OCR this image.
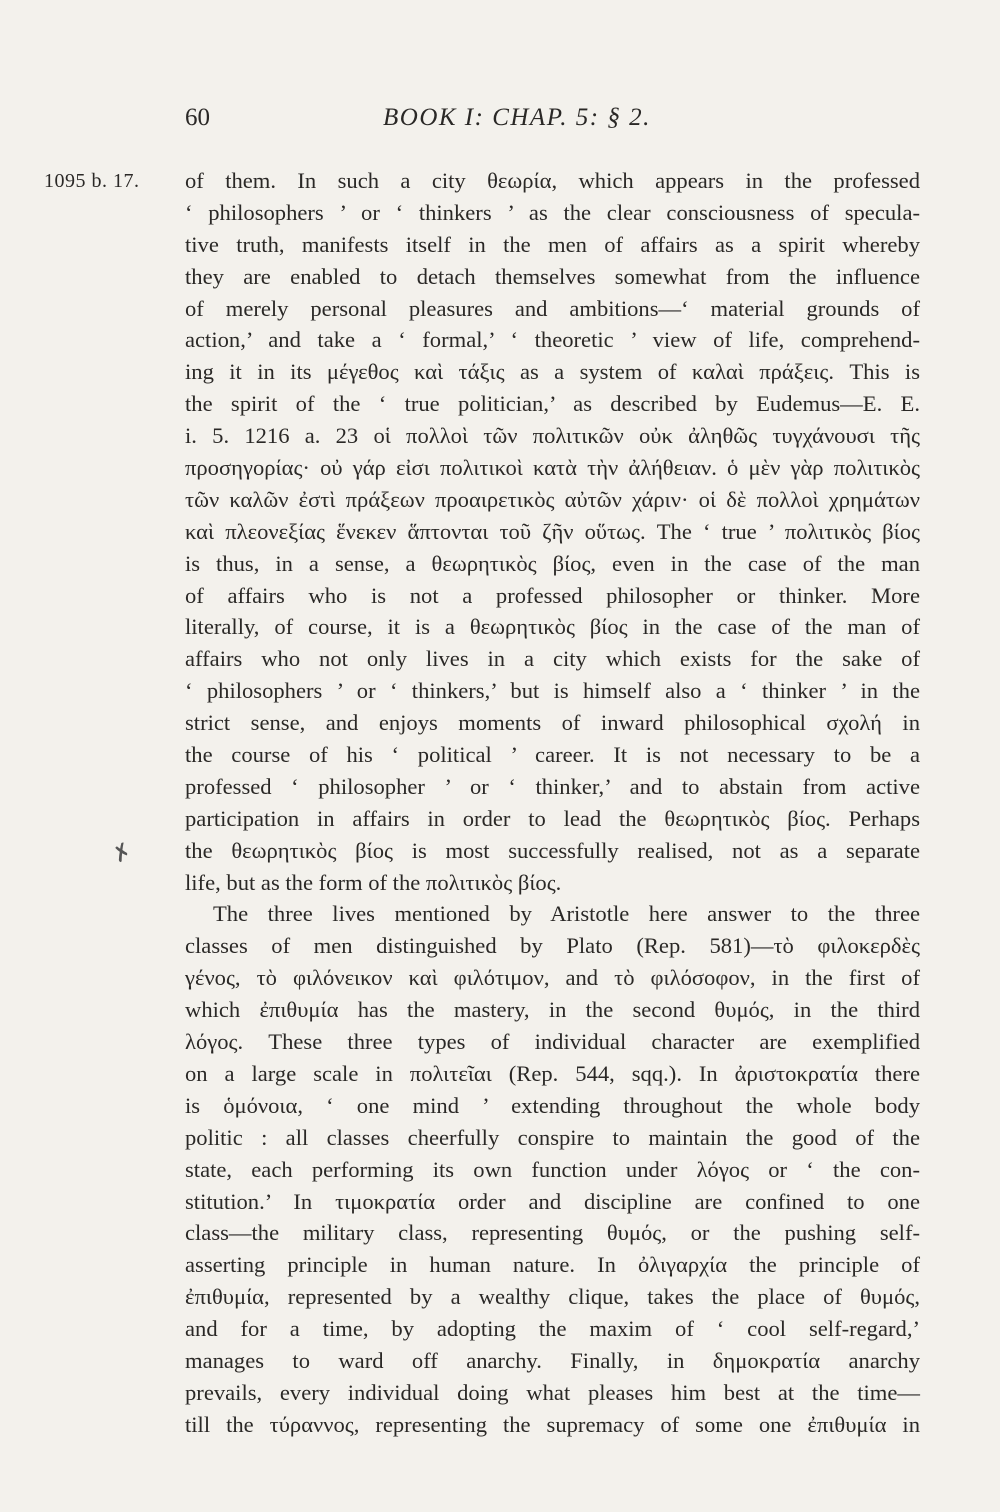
60	BOOK I: CHAP. 5: § 2.
1095 b. 17.
✗
of them. In such a city θεωρία, which appears in the professed
‘ philosophers ’ or ‘ thinkers ’ as the clear consciousness of specula-
tive truth, manifests itself in the men of affairs as a spirit whereby
they are enabled to detach themselves somewhat from the influence
of merely personal pleasures and ambitions—‘ material grounds of
action,’ and take a ‘ formal,’ ‘ theoretic ’ view of life, comprehend-
ing it in its μέγεθος καὶ τάξις as a system of καλαὶ πράξεις. This is
the spirit of the ‘ true politician,’ as described by Eudemus—E. E.
i. 5. 1216 a. 23 οἱ πολλοὶ τῶν πολιτικῶν οὐκ ἀληθῶς τυγχάνουσι τῆς
προσηγορίας· οὐ γάρ εἰσι πολιτικοὶ κατὰ τὴν ἀλήθειαν. ὁ μὲν γὰρ πολιτικὸς
τῶν καλῶν ἐστὶ πράξεων προαιρετικὸς αὐτῶν χάριν· οἱ δὲ πολλοὶ χρημάτων
καὶ πλεονεξίας ἕνεκεν ἅπτονται τοῦ ζῆν οὕτως. The ‘ true ’ πολιτικὸς βίος
is thus, in a sense, a θεωρητικὸς βίος, even in the case of the man
of affairs who is not a professed philosopher or thinker. More
literally, of course, it is a θεωρητικὸς βίος in the case of the man of
affairs who not only lives in a city which exists for the sake of
‘ philosophers ’ or ‘ thinkers,’ but is himself also a ‘ thinker ’ in the
strict sense, and enjoys moments of inward philosophical σχολή in
the course of his ‘ political ’ career. It is not necessary to be a
professed ‘ philosopher ’ or ‘ thinker,’ and to abstain from active
participation in affairs in order to lead the θεωρητικὸς βίος. Perhaps
the θεωρητικὸς βίος is most successfully realised, not as a separate
life, but as the form of the πολιτικὸς βίος.
The three lives mentioned by Aristotle here answer to the three
classes of men distinguished by Plato (Rep. 581)—τὸ φιλοκερδὲς
γένος, τὸ φιλόνεικον καὶ φιλότιμον, and τὸ φιλόσοφον, in the first of
which ἐπιθυμία has the mastery, in the second θυμός, in the third
λόγος. These three types of individual character are exemplified
on a large scale in πολιτεῖαι (Rep. 544, sqq.). In ἀριστοκρατία there
is ὁμόνοια, ‘ one mind ’ extending throughout the whole body
politic : all classes cheerfully conspire to maintain the good of the
state, each performing its own function under λόγος or ‘ the con-
stitution.’ In τιμοκρατία order and discipline are confined to one
class—the military class, representing θυμός, or the pushing self-
asserting principle in human nature. In ὀλιγαρχία the principle of
ἐπιθυμία, represented by a wealthy clique, takes the place of θυμός,
and for a time, by adopting the maxim of ‘ cool self-regard,’
manages to ward off anarchy. Finally, in δημοκρατία anarchy
prevails, every individual doing what pleases him best at the time—
till the τύραννος, representing the supremacy of some one ἐπιθυμία in
